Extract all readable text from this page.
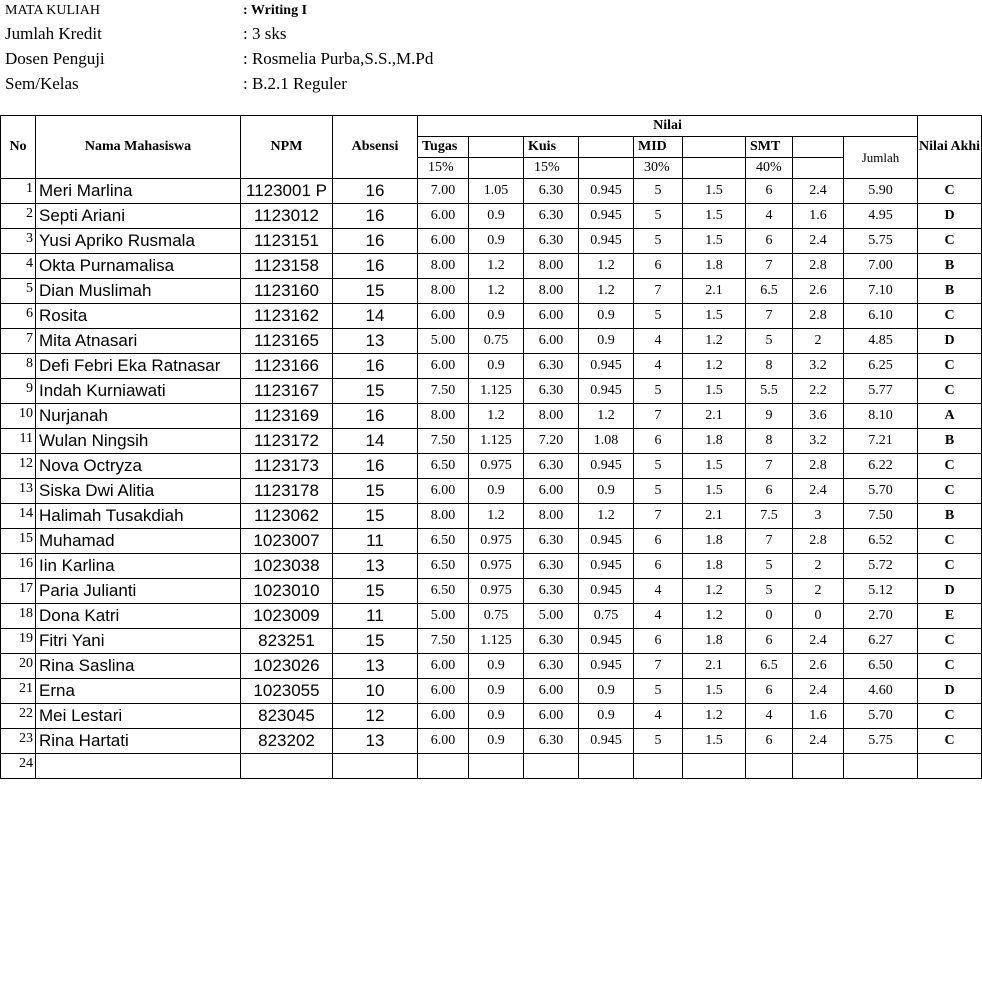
MATA KULIAH	: Writing I
Jumlah Kredit	: 3 sks
Dosen Penguji	: Rosmelia Purba,S.S.,M.Pd
Sem/Kelas	: B.2.1 Reguler
No	Nama Mahasiswa	NPM	Absensi	Nilai									Nilai Akhi
				Tugas		Kuis		MID		SMT		Jumlah	
				15%		15%		30%		40%			
1	Meri Marlina	1123001 P	16	7.00	1.05	6.30	0.945	5	1.5	6	2.4	5.90	C
2	Septi Ariani	1123012	16	6.00	0.9	6.30	0.945	5	1.5	4	1.6	4.95	D
3	Yusi Apriko Rusmala	1123151	16	6.00	0.9	6.30	0.945	5	1.5	6	2.4	5.75	C
4	Okta Purnamalisa	1123158	16	8.00	1.2	8.00	1.2	6	1.8	7	2.8	7.00	B
5	Dian Muslimah	1123160	15	8.00	1.2	8.00	1.2	7	2.1	6.5	2.6	7.10	B
6	Rosita	1123162	14	6.00	0.9	6.00	0.9	5	1.5	7	2.8	6.10	C
7	Mita Atnasari	1123165	13	5.00	0.75	6.00	0.9	4	1.2	5	2	4.85	D
8	Defi Febri Eka Ratnasar	1123166	16	6.00	0.9	6.30	0.945	4	1.2	8	3.2	6.25	C
9	Indah Kurniawati	1123167	15	7.50	1.125	6.30	0.945	5	1.5	5.5	2.2	5.77	C
10	Nurjanah	1123169	16	8.00	1.2	8.00	1.2	7	2.1	9	3.6	8.10	A
11	Wulan Ningsih	1123172	14	7.50	1.125	7.20	1.08	6	1.8	8	3.2	7.21	B
12	Nova Octryza	1123173	16	6.50	0.975	6.30	0.945	5	1.5	7	2.8	6.22	C
13	Siska Dwi Alitia	1123178	15	6.00	0.9	6.00	0.9	5	1.5	6	2.4	5.70	C
14	Halimah Tusakdiah	1123062	15	8.00	1.2	8.00	1.2	7	2.1	7.5	3	7.50	B
15	Muhamad	1023007	11	6.50	0.975	6.30	0.945	6	1.8	7	2.8	6.52	C
16	Iin Karlina	1023038	13	6.50	0.975	6.30	0.945	6	1.8	5	2	5.72	C
17	Paria Julianti	1023010	15	6.50	0.975	6.30	0.945	4	1.2	5	2	5.12	D
18	Dona Katri	1023009	11	5.00	0.75	5.00	0.75	4	1.2	0	0	2.70	E
19	Fitri Yani	823251	15	7.50	1.125	6.30	0.945	6	1.8	6	2.4	6.27	C
20	Rina Saslina	1023026	13	6.00	0.9	6.30	0.945	7	2.1	6.5	2.6	6.50	C
21	Erna	1023055	10	6.00	0.9	6.00	0.9	5	1.5	6	2.4	4.60	D
22	Mei Lestari	823045	12	6.00	0.9	6.00	0.9	4	1.2	4	1.6	5.70	C
23	Rina Hartati	823202	13	6.00	0.9	6.30	0.945	5	1.5	6	2.4	5.75	C
24													
